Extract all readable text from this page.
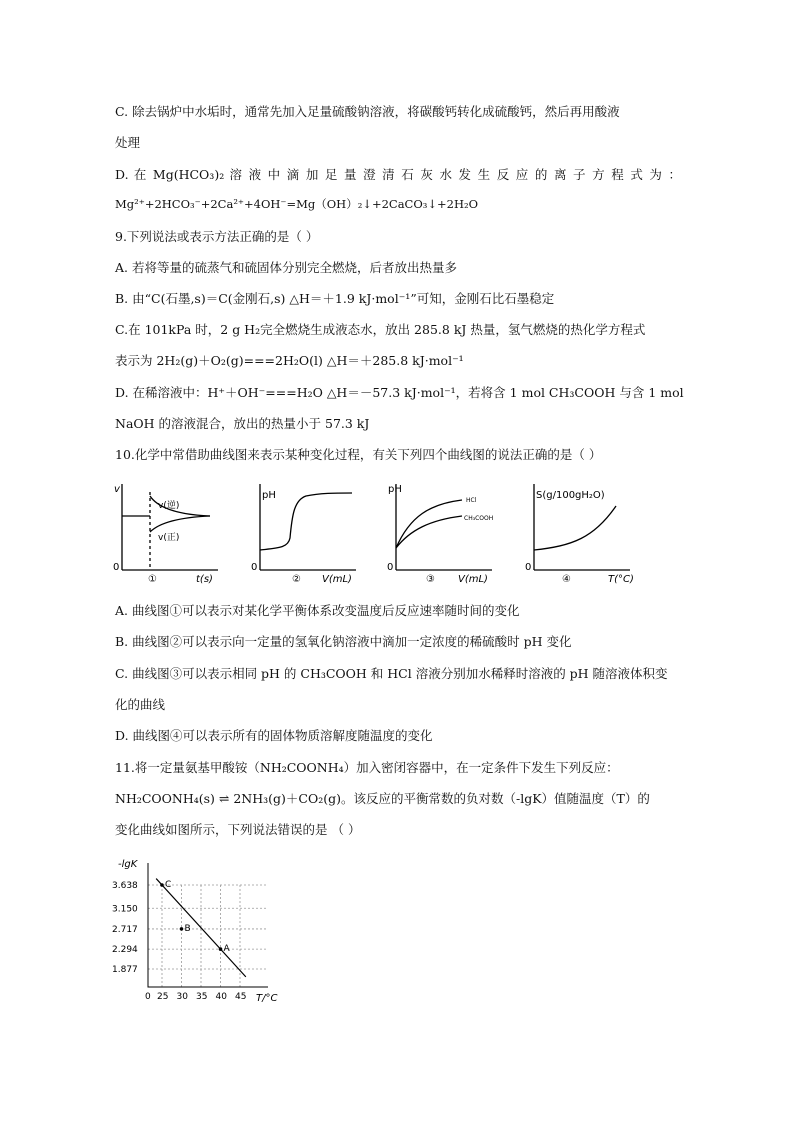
C. 除去锅炉中水垢时，通常先加入足量硫酸钠溶液，将碳酸钙转化成硫酸钙，然后再用酸液
处理
D. 在 Mg(HCO₃)₂ 溶 液 中 滴 加 足 量 澄 清 石 灰 水 发 生 反 应 的 离 子 方 程 式 为 ：
Mg²⁺+2HCO₃⁻+2Ca²⁺+4OH⁻=Mg（OH）₂↓+2CaCO₃↓+2H₂O
9.下列说法或表示方法正确的是（ ）
A. 若将等量的硫蒸气和硫固体分别完全燃烧，后者放出热量多
B. 由“C(石墨,s)＝C(金刚石,s) △H＝＋1.9 kJ·mol⁻¹”可知，金刚石比石墨稳定
C.在 101kPa 时，2 g H₂完全燃烧生成液态水，放出 285.8 kJ 热量，氢气燃烧的热化学方程式
表示为 2H₂(g)＋O₂(g)===2H₂O(l) △H＝＋285.8 kJ·mol⁻¹
D. 在稀溶液中：H⁺＋OH⁻===H₂O △H＝－57.3 kJ·mol⁻¹，若将含 1 mol CH₃COOH 与含 1 mol
NaOH 的溶液混合，放出的热量小于 57.3 kJ
10.化学中常借助曲线图来表示某种变化过程，有关下列四个曲线图的说法正确的是（ ）
v
0
v(逆)
v(正)
t(s)
①
pH
0
V(mL)
②
pH
0
HCl
CH₃COOH
V(mL)
③
S(g/100gH₂O)
0
T(°C)
④
A. 曲线图①可以表示对某化学平衡体系改变温度后反应速率随时间的变化
B. 曲线图②可以表示向一定量的氢氧化钠溶液中滴加一定浓度的稀硫酸时 pH 变化
C. 曲线图③可以表示相同 pH 的 CH₃COOH 和 HCl 溶液分别加水稀释时溶液的 pH 随溶液体积变
化的曲线
D. 曲线图④可以表示所有的固体物质溶解度随温度的变化
11.将一定量氨基甲酸铵（NH₂COONH₄）加入密闭容器中，在一定条件下发生下列反应：
NH₂COONH₄(s) ⇌ 2NH₃(g)＋CO₂(g)。该反应的平衡常数的负对数（-lgK）值随温度（T）的
变化曲线如图所示，下列说法错误的是 （ ）
0 25 30 35 40 45
1.877
2.294
2.717
3.150
3.638	C
B
A
-lgK
T/°C
